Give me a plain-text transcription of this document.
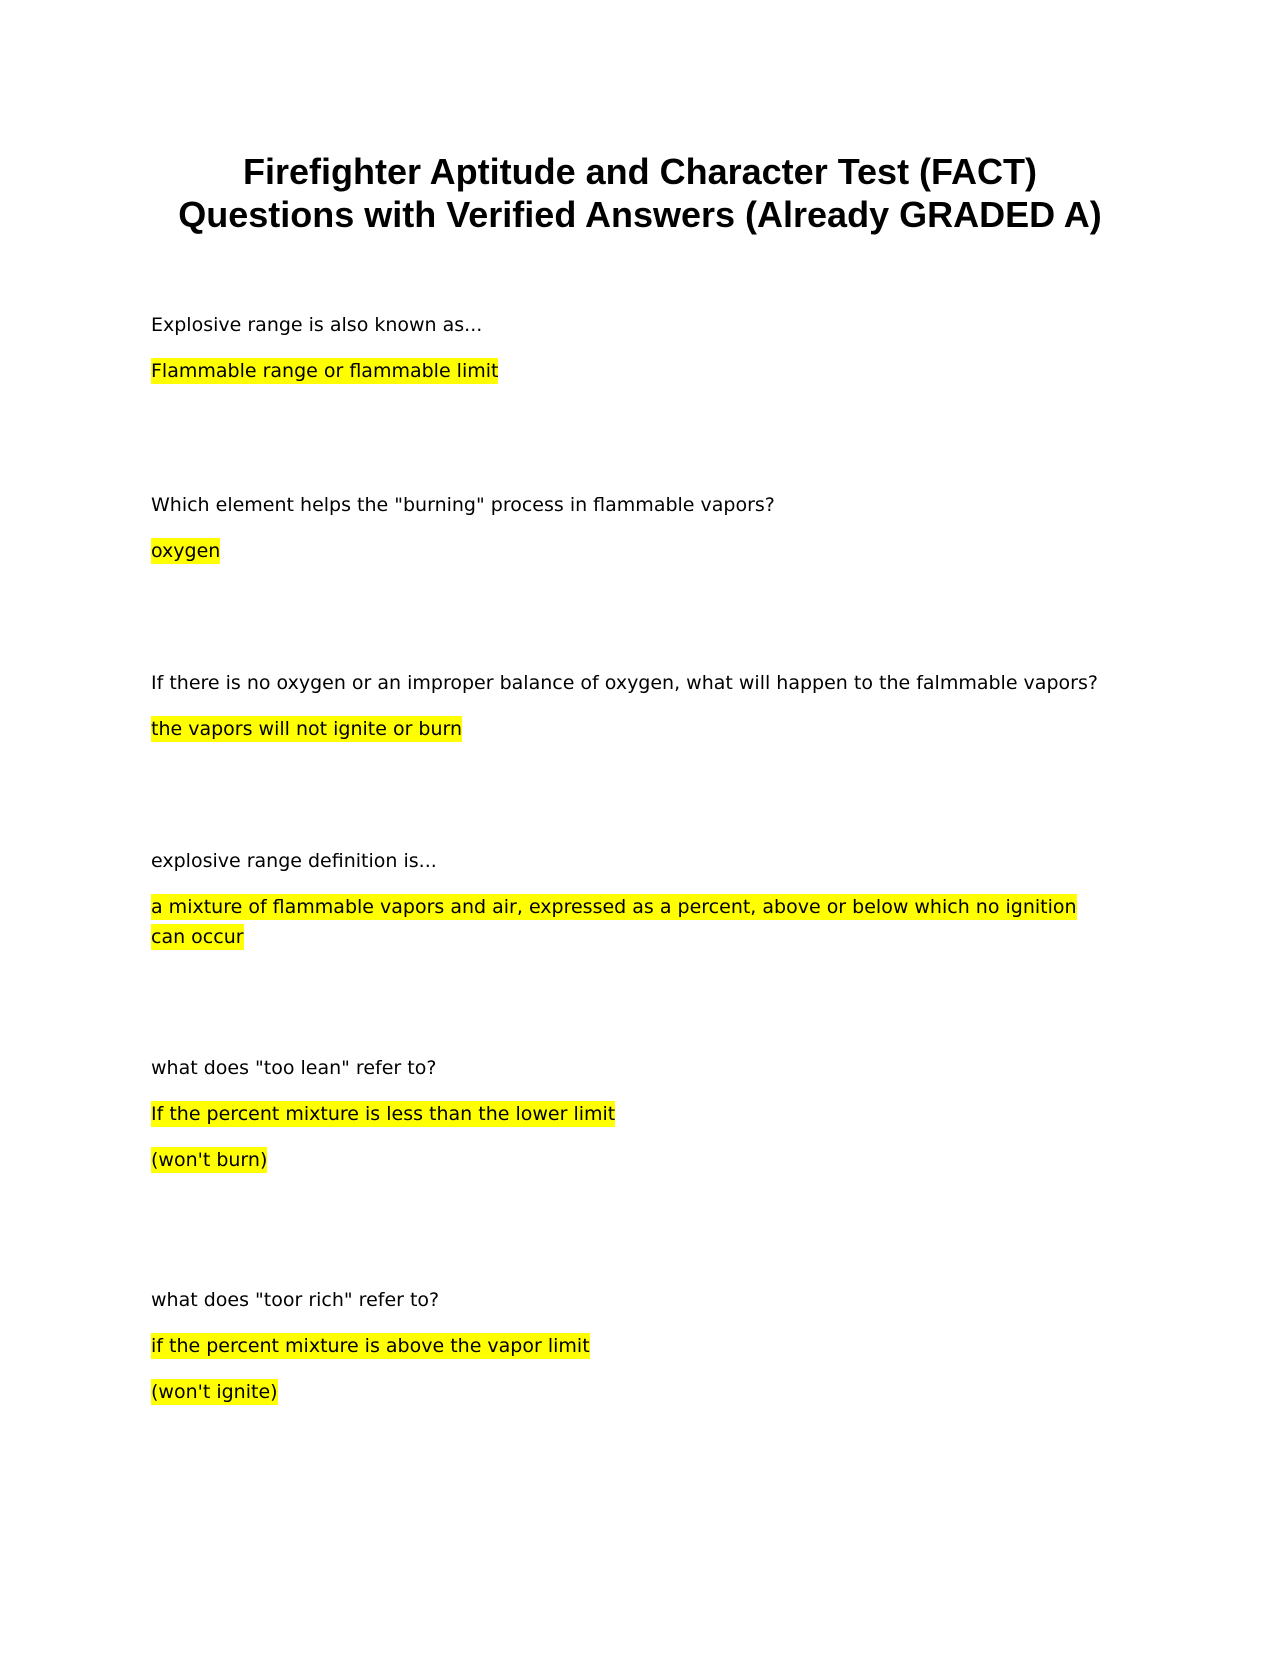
Firefighter Aptitude and Character Test (FACT)
Questions with Verified Answers (Already GRADED A)

Explosive range is also known as...

Flammable range or flammable limit

Which element helps the "burning" process in flammable vapors?

oxygen

If there is no oxygen or an improper balance of oxygen, what will happen to the falmmable vapors?

the vapors will not ignite or burn

explosive range definition is...

a mixture of flammable vapors and air, expressed as a percent, above or below which no ignition can occur

what does "too lean" refer to?

If the percent mixture is less than the lower limit
(won't burn)

what does "toor rich" refer to?

if the percent mixture is above the vapor limit
(won't ignite)
